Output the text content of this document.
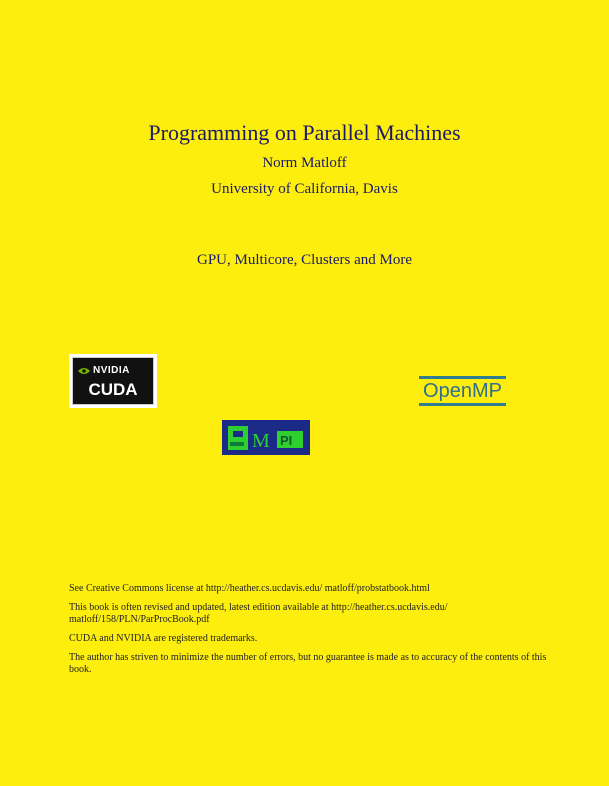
Programming on Parallel Machines
Norm Matloff
University of California, Davis
GPU, Multicore, Clusters and More
NVIDIA
CUDA	OpenMP
M PI

See Creative Commons license at http://heather.cs.ucdavis.edu/ matloff/probstatbook.html

This book is often revised and updated, latest edition available at http://heather.cs.ucdavis.edu/ matloff/158/PLN/ParProcBook.pdf

CUDA and NVIDIA are registered trademarks.

The author has striven to minimize the number of errors, but no guarantee is made as to accuracy of the contents of this book.
